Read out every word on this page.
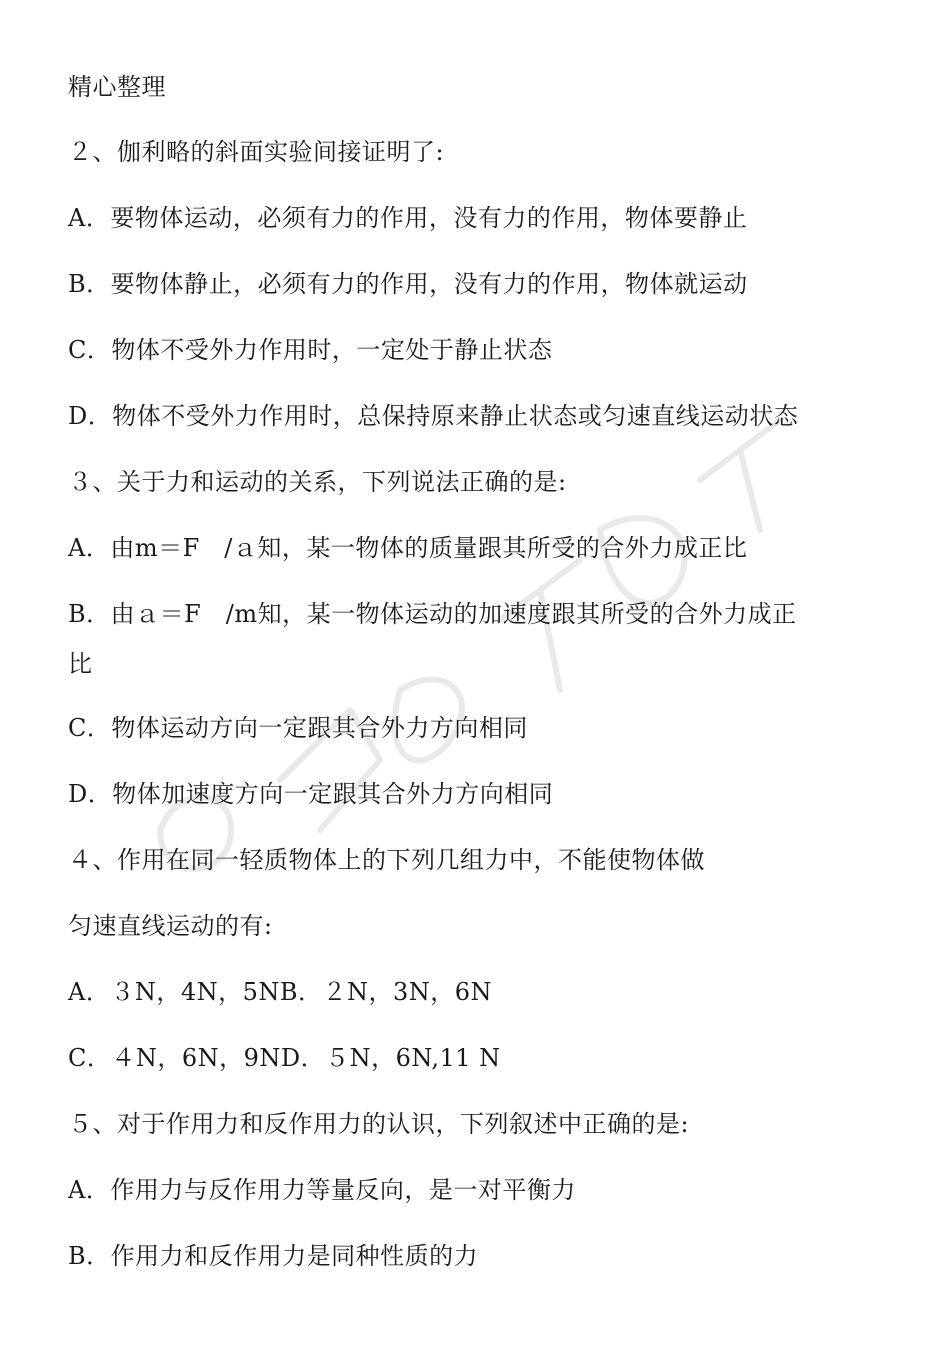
精心整理
２、伽利略的斜面实验间接证明了:
A．要物体运动，必须有力的作用，没有力的作用，物体要静止
B．要物体静止，必须有力的作用，没有力的作用，物体就运动
C．物体不受外力作用时，一定处于静止状态
D．物体不受外力作用时，总保持原来静止状态或匀速直线运动状态
３、关于力和运动的关系，下列说法正确的是:
A．由m＝F　/ａ知，某一物体的质量跟其所受的合外力成正比
B．由ａ＝F　/m知，某一物体运动的加速度跟其所受的合外力成正
比
C．物体运动方向一定跟其合外力方向相同
D．物体加速度方向一定跟其合外力方向相同
４、作用在同一轻质物体上的下列几组力中，不能使物体做
匀速直线运动的有:
A．３N，4N，5NB．２N，3N，6N
C．４N，6N，9ND．５N，6N,11 N
５、对于作用力和反作用力的认识，下列叙述中正确的是:
A．作用力与反作用力等量反向，是一对平衡力
B．作用力和反作用力是同种性质的力
